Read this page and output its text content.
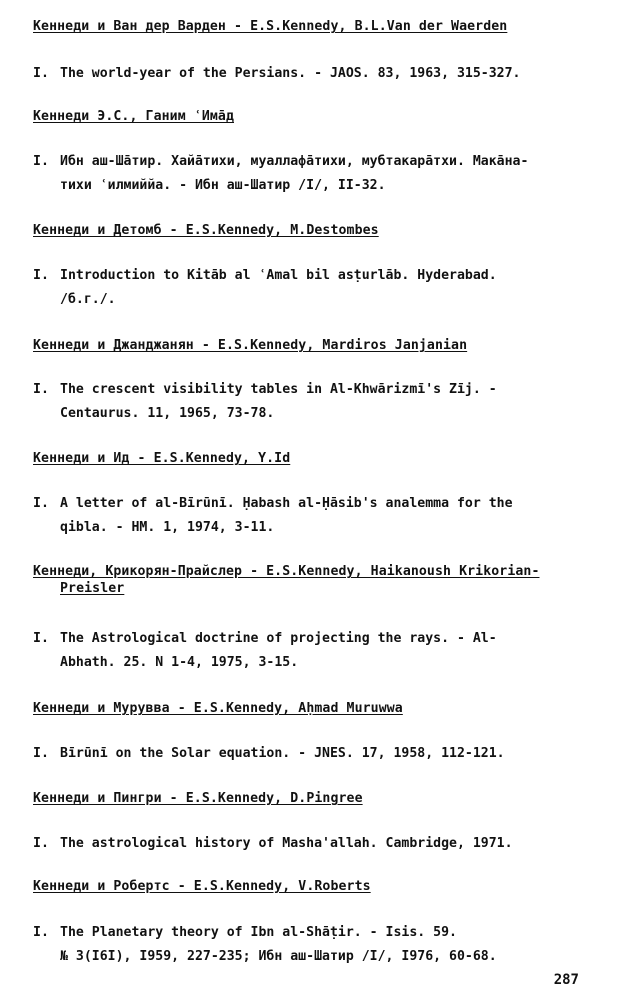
Кеннеди и Ван дер Варден - E.S.Kennedy, B.L.Van der Waerden
I. The world-year of the Persians. - JAOS. 83, 1963, 315-327.
Кеннеди Э.С., Ганим ʿИмāд
I. Ибн аш-Шāтир. Хайāтихи, муаллафāтихи, мубтакарāтхи. Макāна-
тихи ʿилмиййа. - Ибн аш-Шатир /I/, II-32.
Кеннеди и Детомб - E.S.Kennedy, M.Destombes
I. Introduction to Kitāb al ʿAmal bil asṭurlāb. Hyderabad.
/б.г./.
Кеннеди и Джанджанян - E.S.Kennedy, Mardiros Janjanian
I. The crescent visibility tables in Al-Khwārizmī's Zīj. -
Centaurus. 11, 1965, 73-78.
Кеннеди и Ид - E.S.Kennedy, Y.Id
I. A letter of al-Bīrūnī. Ḥabash al-Ḥāsib's analemma for the
qibla. - HM. 1, 1974, 3-11.
Кеннеди, Крикорян-Прайслер - E.S.Kennedy, Haikanoush Krikorian-
Preisler
I. The Astrological doctrine of projecting the rays. - Al-
Abhath. 25. N 1-4, 1975, 3-15.
Кеннеди и Мурувва - E.S.Kennedy, Aḥmad Muruwwa
I. Bīrūnī on the Solar equation. - JNES. 17, 1958, 112-121.
Кеннеди и Пингри - E.S.Kennedy, D.Pingree
I. The astrological history of Masha'allah. Cambridge, 1971.
Кеннеди и Робертс - E.S.Kennedy, V.Roberts
I. The Planetary theory of Ibn al-Shāṭir. - Isis. 59.
№ 3(I6I), I959, 227-235; Ибн аш-Шатир /I/, I976, 60-68.
287
